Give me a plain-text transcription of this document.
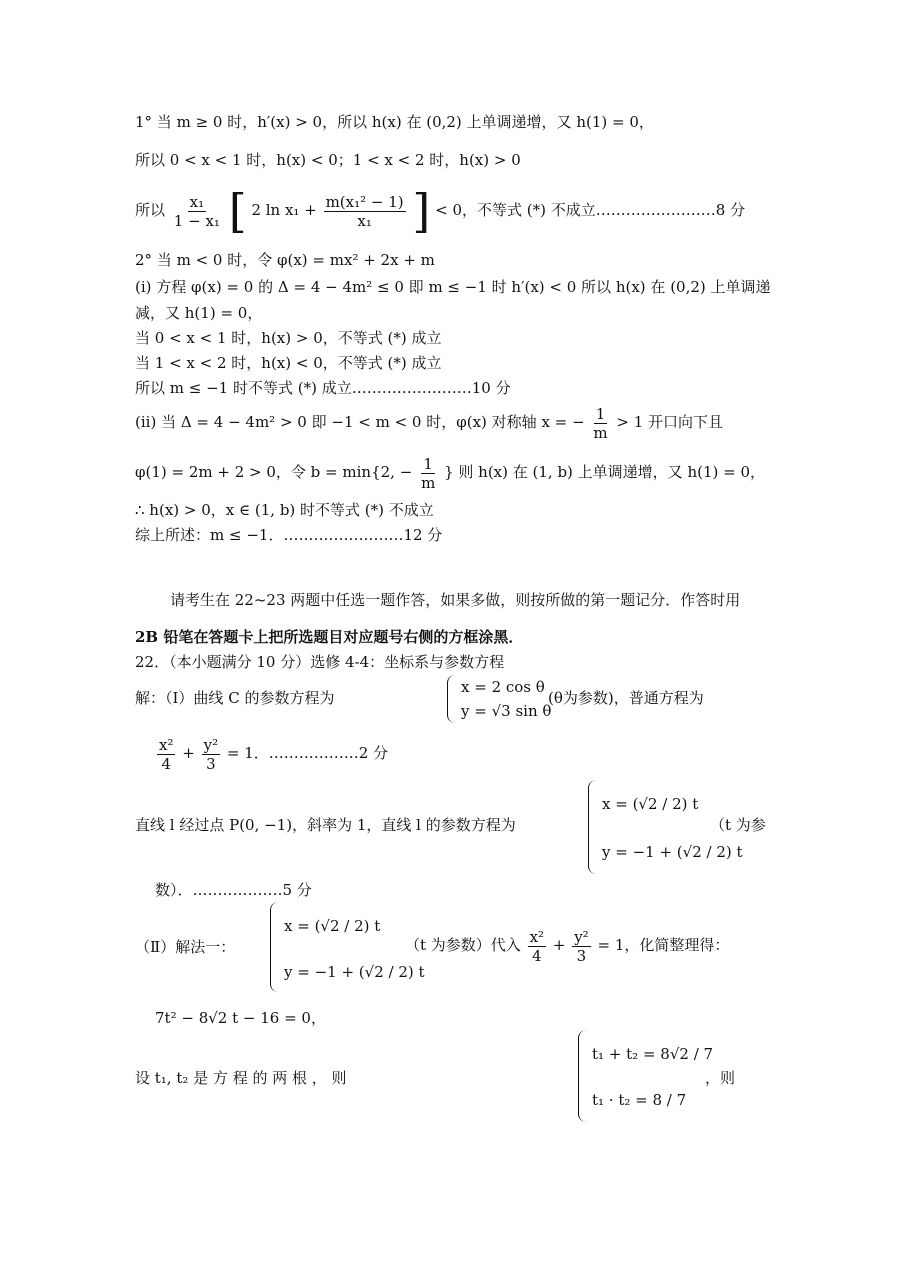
1° 当 m ≥ 0 时，h′(x) > 0，所以 h(x) 在 (0,2) 上单调递增，又 h(1) = 0，
所以 0 < x < 1 时，h(x) < 0；1 < x < 2 时，h(x) > 0
所以 $\frac{\text{x₁}}{\text{1 − x₁}}$ [ 2 $\ln x_1 + \frac{\text{m(x₁² − 1)}}{\text{x₁}}$ ] < 0，不等式 (*) 不成立……………………8 分
2° 当 m < 0 时，令 φ(x) = mx² + 2x + m
(i) 方程 φ(x) = 0 的 Δ = 4 − 4m² ≤ 0 即 m ≤ −1 时 h′(x) < 0 所以 h(x) 在 (0,2) 上单调递
减，又 h(1) = 0，
当 0 < x < 1 时，h(x) > 0，不等式 (*) 成立
当 1 < x < 2 时，h(x) < 0，不等式 (*) 成立
所以 m ≤ −1 时不等式 (*) 成立……………………10 分
(ii) 当 Δ = 4 − 4m² > 0 即 −1 < m < 0 时，φ(x) 对称轴 x = − $\frac{1}{m} > 1$ 开口向下且
φ(1) = 2m + 2 > 0，令 b = min{2, − $\frac{1}{m}$ } 则 h(x) 在 (1, b) 上单调递增，又 h(1) = 0，
∴ h(x) > 0，x ∈ (1, b) 时不等式 (*) 不成立
综上所述：m ≤ −1．……………………12 分
请考生在 22~23 两题中任选一题作答，如果多做，则按所做的第一题记分．作答时用
2B 铅笔在答题卡上把所选题目对应题号右侧的方框涂黑．
22．（本小题满分 10 分）选修 4-4：坐标系与参数方程
解：（Ⅰ）曲线 C 的参数方程为
x = 2 cos θ
y = √3 sin θ
(θ为参数)，普通方程为
$\frac{\text{x²}}{4} + \frac{\text{y²}}{3} = 1$．………………2 分
直线 l 经过点 P(0, −1)，斜率为 1，直线 l 的参数方程为
x = (√2 / 2) t
y = −1 + (√2 / 2) t
（t 为参
数）．………………5 分
（Ⅱ）解法一：
x = (√2 / 2) t
y = −1 + (√2 / 2) t
（t 为参数）代入 $\frac{\text{x²}}{4} + \frac{\text{y²}}{3} = 1$，化简整理得：
7t² − 8√2 t − 16 = 0，
设 t₁, t₂ 是 方 程 的 两 根 ， 则
t₁ + t₂ = 8√2 / 7
t₁ · t₂ = 8 / 7
，则
